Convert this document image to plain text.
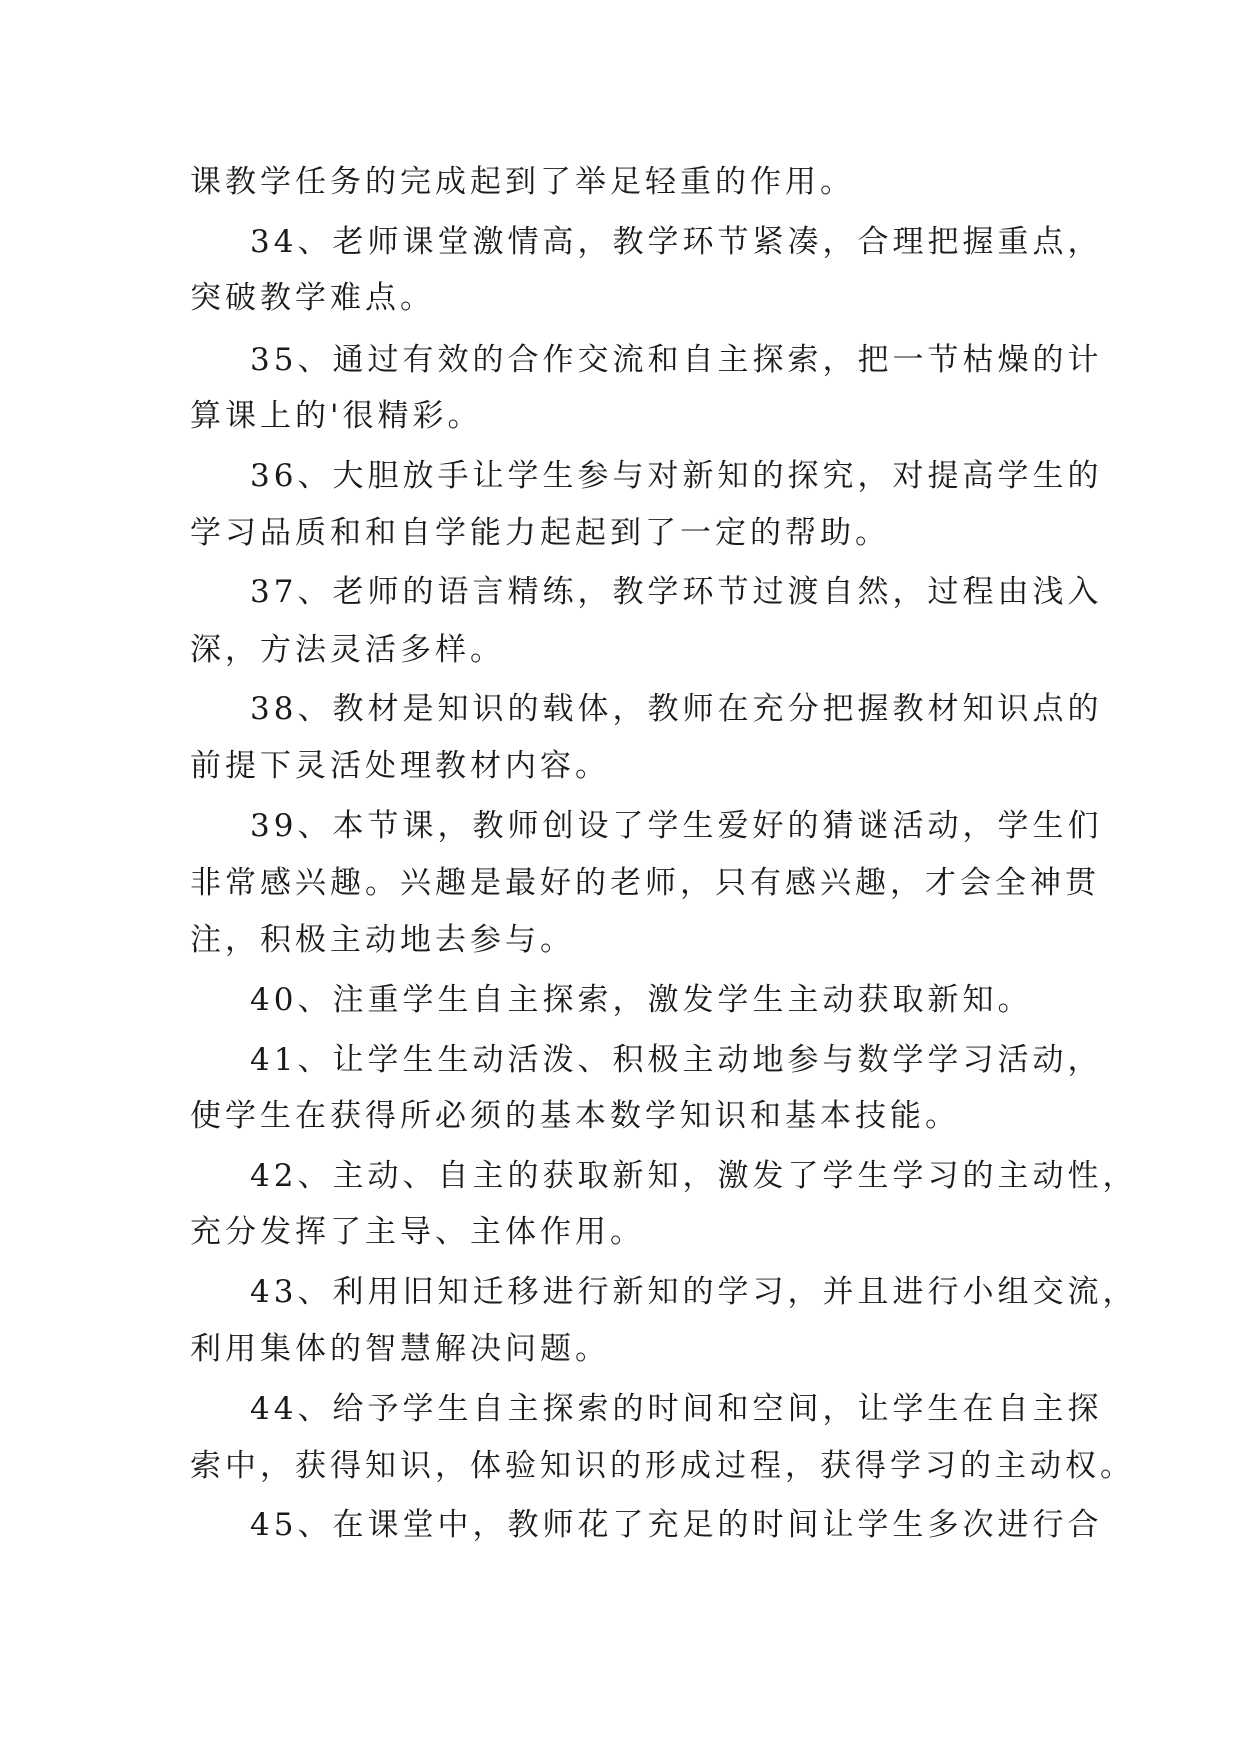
课教学任务的完成起到了举足轻重的作用。

34、老师课堂激情高，教学环节紧凑，合理把握重点，

突破教学难点。

35、通过有效的合作交流和自主探索，把一节枯燥的计

算课上的'很精彩。

36、大胆放手让学生参与对新知的探究，对提高学生的

学习品质和和自学能力起起到了一定的帮助。

37、老师的语言精练，教学环节过渡自然，过程由浅入

深，方法灵活多样。

38、教材是知识的载体，教师在充分把握教材知识点的

前提下灵活处理教材内容。

39、本节课，教师创设了学生爱好的猜谜活动，学生们

非常感兴趣。兴趣是最好的老师，只有感兴趣，才会全神贯

注，积极主动地去参与。

40、注重学生自主探索，激发学生主动获取新知。

41、让学生生动活泼、积极主动地参与数学学习活动，

使学生在获得所必须的基本数学知识和基本技能。

42、主动、自主的获取新知，激发了学生学习的主动性，

充分发挥了主导、主体作用。

43、利用旧知迁移进行新知的学习，并且进行小组交流，

利用集体的智慧解决问题。

44、给予学生自主探索的时间和空间，让学生在自主探

索中，获得知识，体验知识的形成过程，获得学习的主动权。

45、在课堂中，教师花了充足的时间让学生多次进行合
